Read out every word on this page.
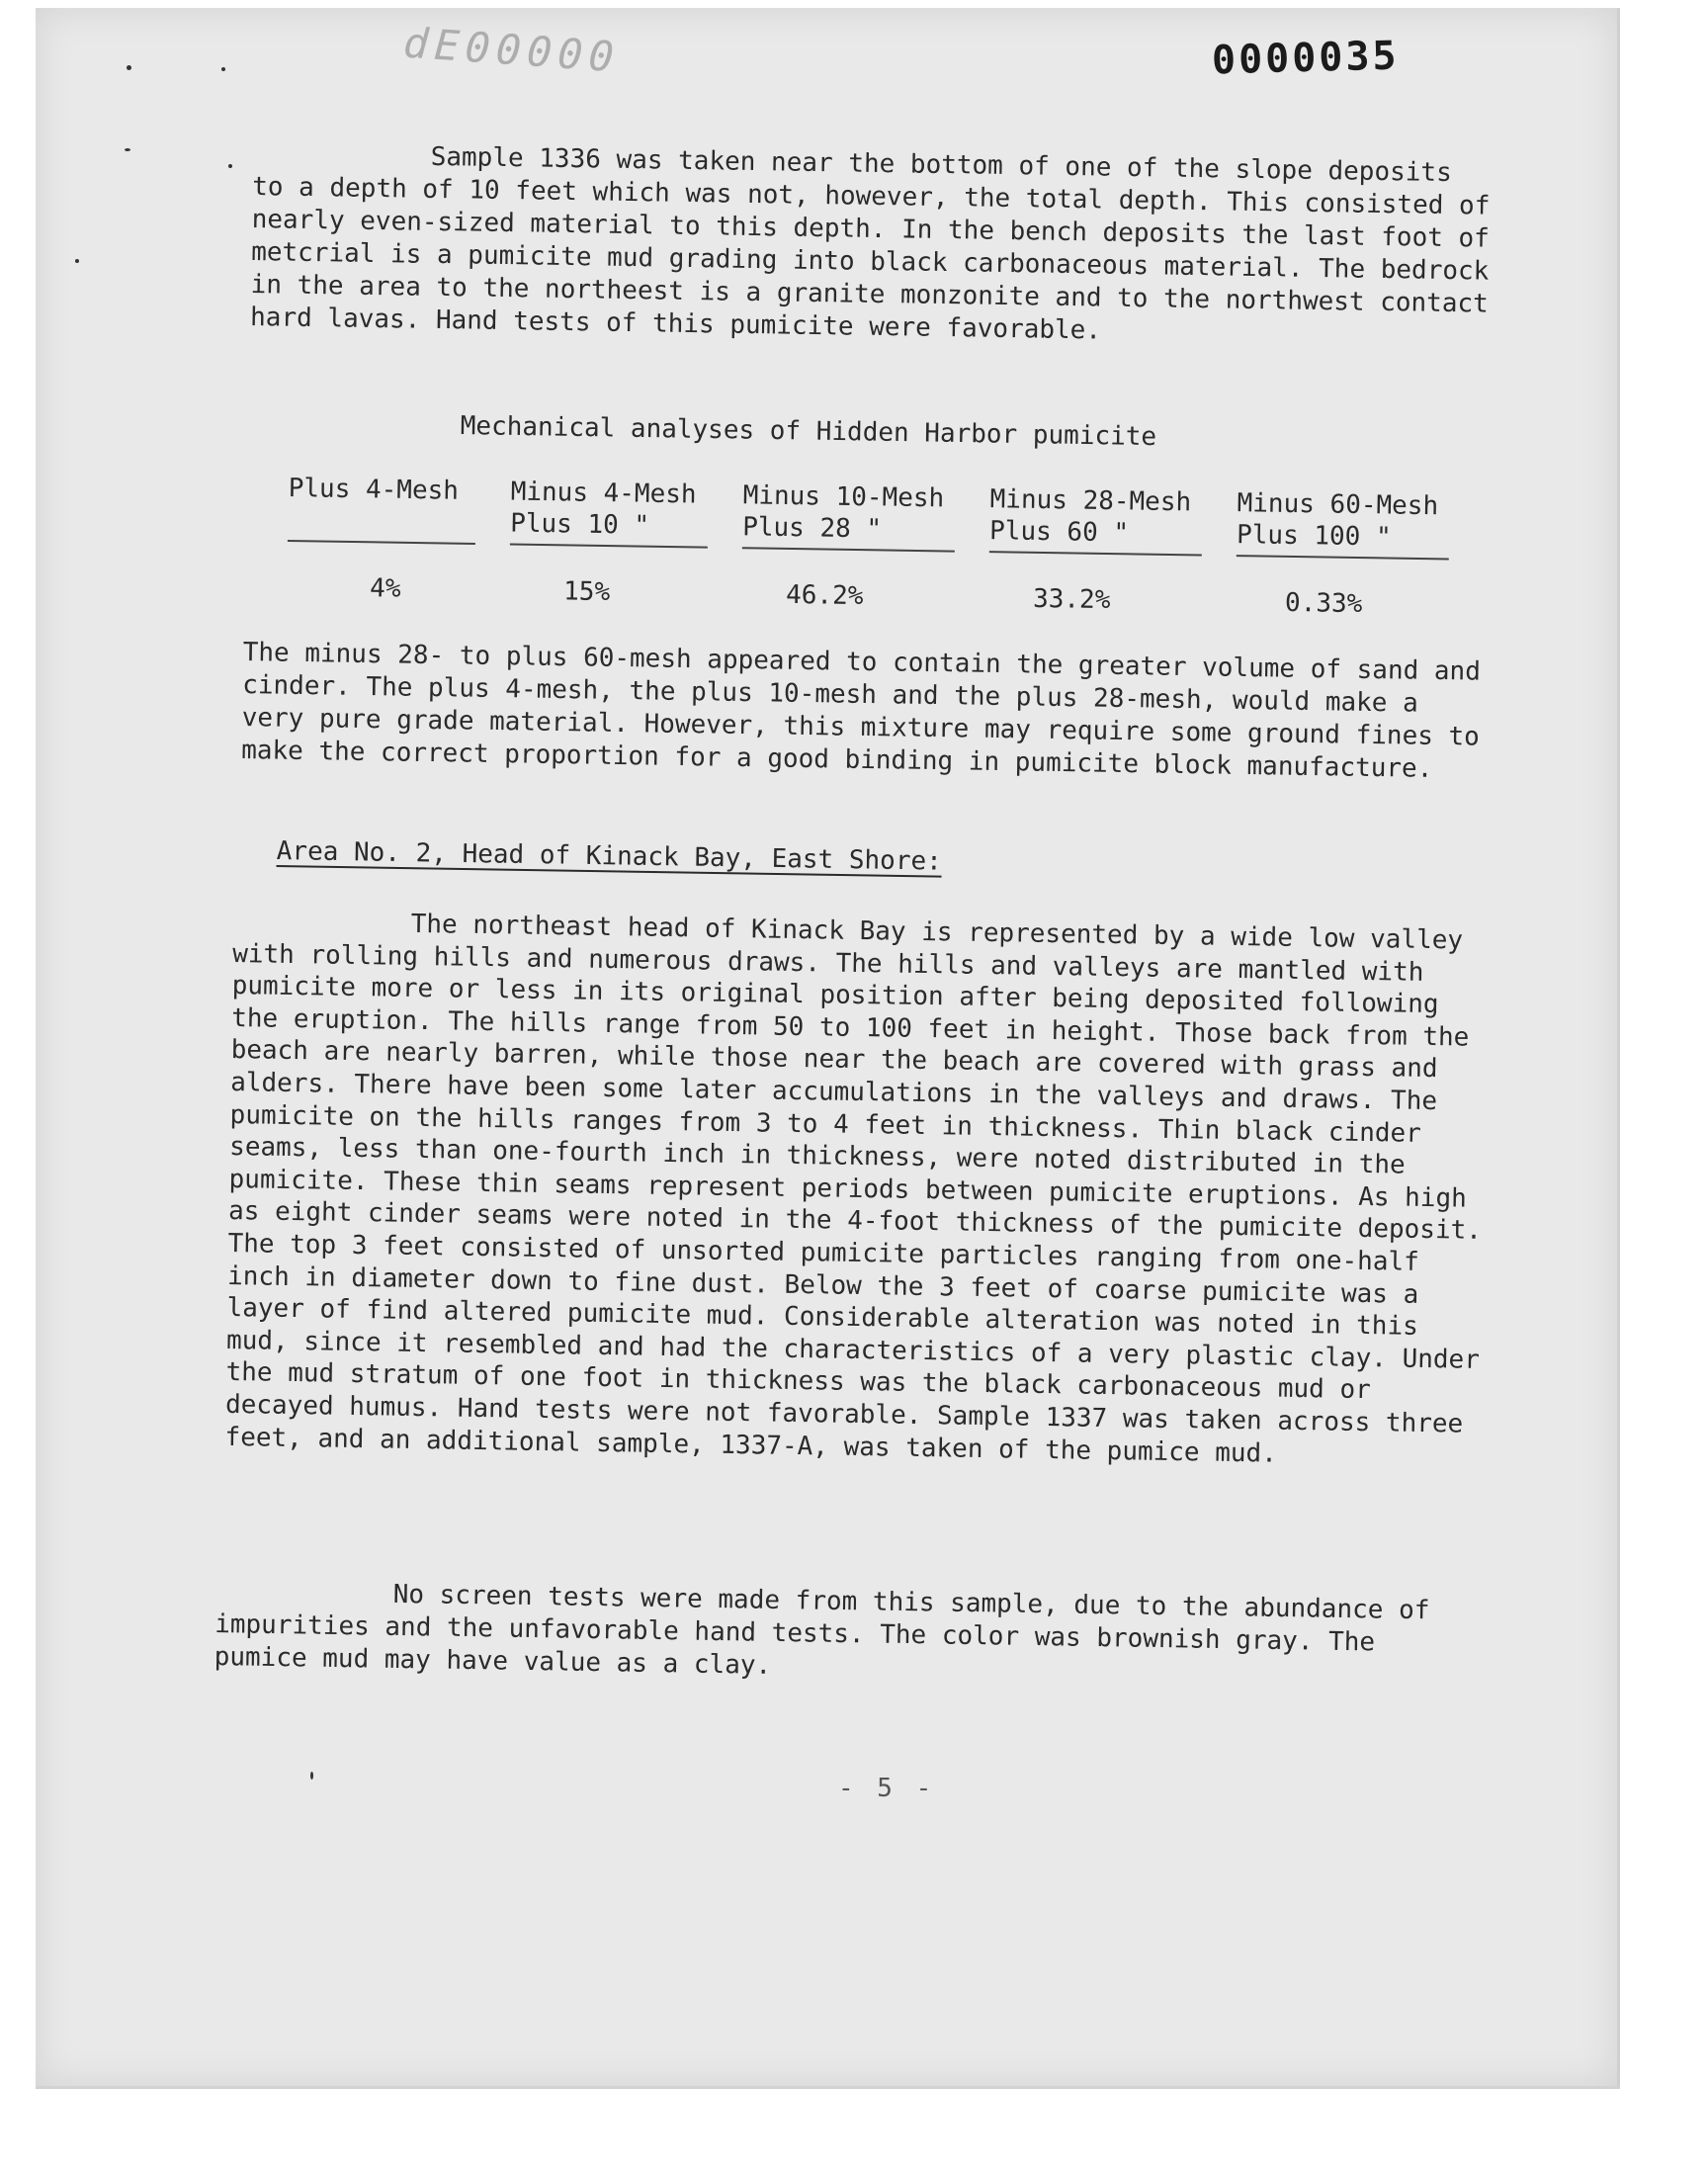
dE00000	0000035

Sample 1336 was taken near the bottom of one of the slope deposits to a depth of 10 feet which was not, however, the total depth. This consisted of nearly even-sized material to this depth. In the bench deposits the last foot of metcrial is a pumicite mud grading into black carbonaceous material. The bedrock in the area to the northeest is a granite monzonite and to the northwest contact hard lavas. Hand tests of this pumicite were favorable.

Mechanical analyses of Hidden Harbor pumicite
Plus 4-Mesh

4%
Minus 4-Mesh
Plus 10 "
15%
Minus 10-Mesh
Plus 28 "
46.2%
Minus 28-Mesh
Plus 60 "
33.2%
Minus 60-Mesh
Plus 100 "
0.33%

The minus 28- to plus 60-mesh appeared to contain the greater volume of sand and cinder. The plus 4-mesh, the plus 10-mesh and the plus 28-mesh, would make a very pure grade material. However, this mixture may require some ground fines to make the correct proportion for a good binding in pumicite block manufacture.

Area No. 2, Head of Kinack Bay, East Shore:

The northeast head of Kinack Bay is represented by a wide low valley with rolling hills and numerous draws. The hills and valleys are mantled with pumicite more or less in its original position after being deposited following the eruption. The hills range from 50 to 100 feet in height. Those back from the beach are nearly barren, while those near the beach are covered with grass and alders. There have been some later accumulations in the valleys and draws. The pumicite on the hills ranges from 3 to 4 feet in thickness. Thin black cinder seams, less than one-fourth inch in thickness, were noted distributed in the pumicite. These thin seams represent periods between pumicite eruptions. As high as eight cinder seams were noted in the 4-foot thickness of the pumicite deposit. The top 3 feet consisted of unsorted pumicite particles ranging from one-half inch in diameter down to fine dust. Below the 3 feet of coarse pumicite was a layer of find altered pumicite mud. Considerable alteration was noted in this mud, since it resembled and had the characteristics of a very plastic clay. Under the mud stratum of one foot in thickness was the black carbonaceous mud or decayed humus. Hand tests were not favorable. Sample 1337 was taken across three feet, and an additional sample, 1337-A, was taken of the pumice mud.

No screen tests were made from this sample, due to the abundance of impurities and the unfavorable hand tests. The color was brownish gray. The pumice mud may have value as a clay.

- 5 -
